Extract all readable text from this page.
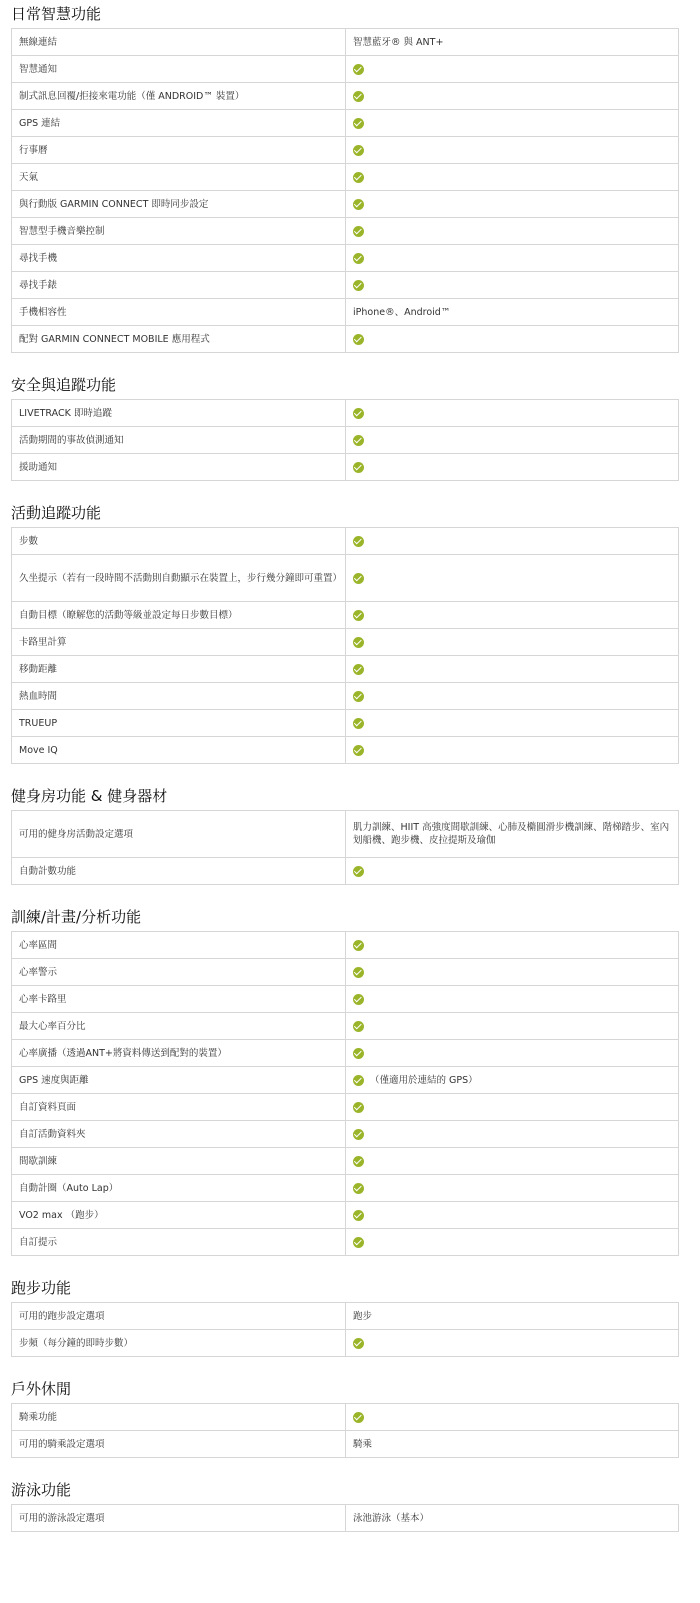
日常智慧功能
無線連結	智慧藍牙® 與 ANT+
智慧通知	
制式訊息回覆/拒接來電功能（僅 ANDROID™ 裝置）	
GPS 連結	
行事曆	
天氣	
與行動版 GARMIN CONNECT 即時同步設定	
智慧型手機音樂控制	
尋找手機	
尋找手錶	
手機相容性	iPhone®、Android™
配對 GARMIN CONNECT MOBILE 應用程式	
安全與追蹤功能
LIVETRACK 即時追蹤	
活動期間的事故偵測通知	
援助通知	
活動追蹤功能
步數	
久坐提示（若有一段時間不活動則自動顯示在裝置上，步行幾分鐘即可重置）	
自動目標（瞭解您的活動等級並設定每日步數目標）	
卡路里計算	
移動距離	
熱血時間	
TRUEUP	
Move IQ	
健身房功能 & 健身器材
可用的健身房活動設定選項	肌力訓練、HIIT 高強度間歇訓練、心肺及橢圓滑步機訓練、階梯踏步、室內划船機、跑步機、皮拉提斯及瑜伽
自動計數功能	
訓練/計畫/分析功能
心率區間	
心率警示	
心率卡路里	
最大心率百分比	
心率廣播（透過ANT+將資料傳送到配對的裝置）	
GPS 速度與距離	（僅適用於連結的 GPS）
自訂資料頁面	
自訂活動資料夾	
間歇訓練	
自動計圈（Auto Lap）	
VO2 max （跑步）	
自訂提示	
跑步功能
可用的跑步設定選項	跑步
步頻（每分鐘的即時步數）	
戶外休閒
騎乘功能	
可用的騎乘設定選項	騎乘
游泳功能
可用的游泳設定選項	泳池游泳（基本）
